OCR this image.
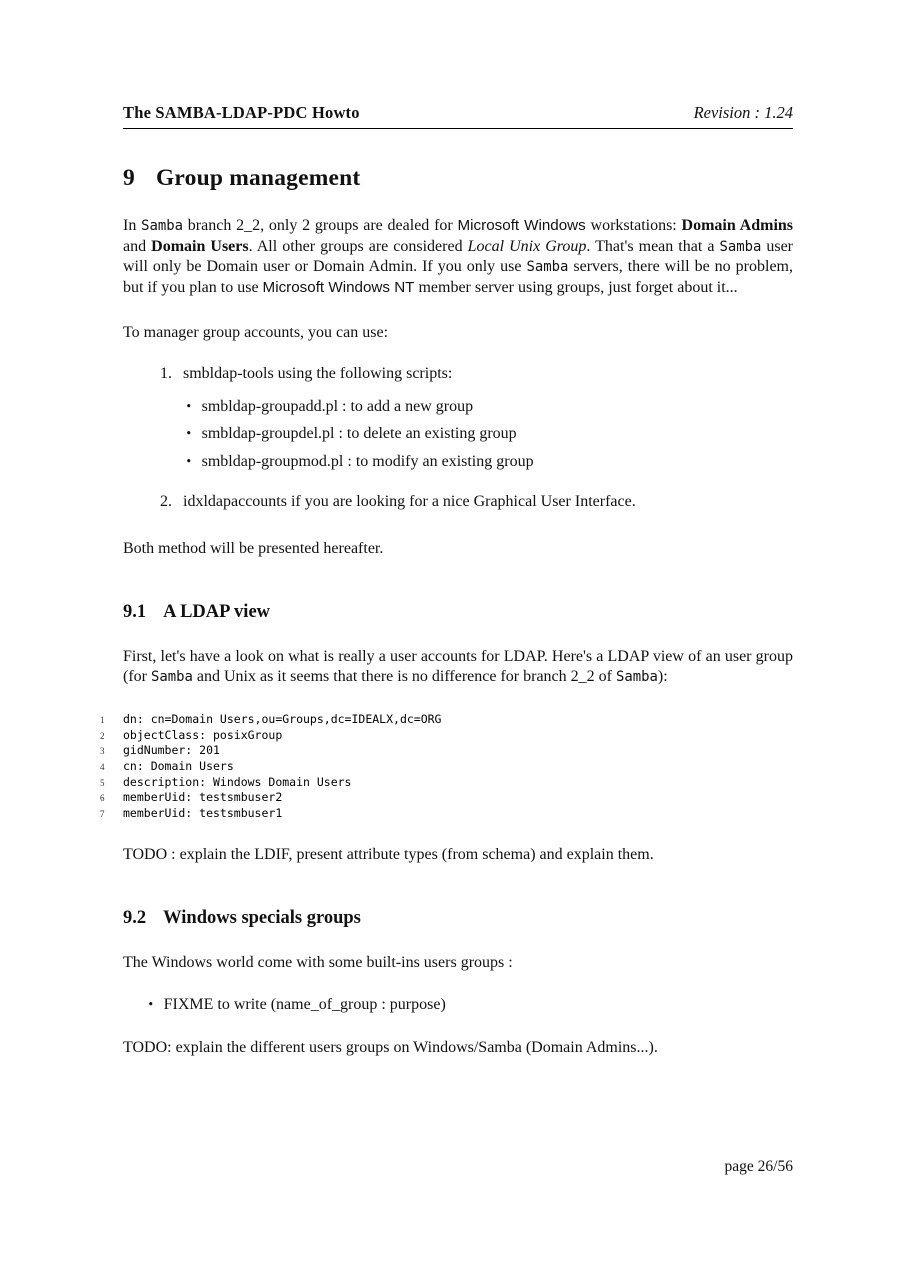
The SAMBA-LDAP-PDC Howto	Revision : 1.24
9 Group management

In Samba branch 2_2, only 2 groups are dealed for Microsoft Windows workstations: Domain Admins and Domain Users. All other groups are considered Local Unix Group. That's mean that a Samba user will only be Domain user or Domain Admin. If you only use Samba servers, there will be no problem, but if you plan to use Microsoft Windows NT member server using groups, just forget about it...

To manager group accounts, you can use:

1. smbldap-tools using the following scripts:
• smbldap-groupadd.pl : to add a new group
• smbldap-groupdel.pl : to delete an existing group
• smbldap-groupmod.pl : to modify an existing group
2. idxldapaccounts if you are looking for a nice Graphical User Interface.

Both method will be presented hereafter.

9.1 A LDAP view

First, let's have a look on what is really a user accounts for LDAP. Here's a LDAP view of an user group (for Samba and Unix as it seems that there is no difference for branch 2_2 of Samba):

1 dn: cn=Domain Users,ou=Groups,dc=IDEALX,dc=ORG
2 objectClass: posixGroup
3 gidNumber: 201
4 cn: Domain Users
5 description: Windows Domain Users
6 memberUid: testsmbuser2
7 memberUid: testsmbuser1

TODO : explain the LDIF, present attribute types (from schema) and explain them.

9.2 Windows specials groups

The Windows world come with some built-ins users groups :

• FIXME to write (name_of_group : purpose)

TODO: explain the different users groups on Windows/Samba (Domain Admins...).

page 26/56
